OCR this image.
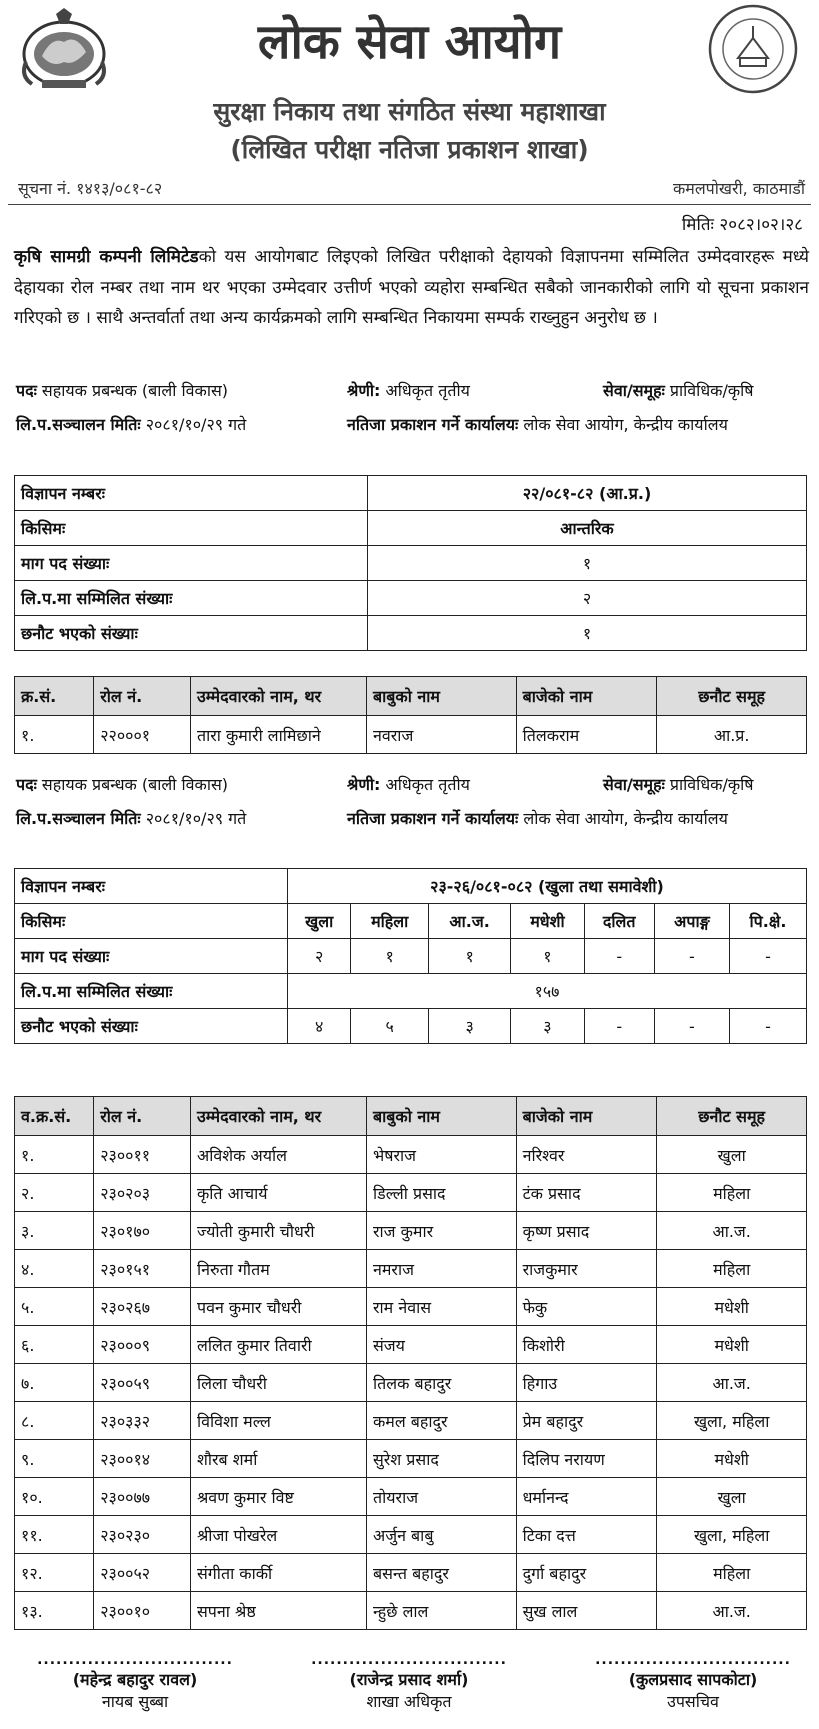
लोक सेवा आयोग
सुरक्षा निकाय तथा संगठित संस्था महाशाखा
(लिखित परीक्षा नतिजा प्रकाशन शाखा)
सूचना नं. १४१३/०८१-८२	कमलपोखरी, काठमाडौं
मितिः २०८२।०२।२८
कृषि सामग्री कम्पनी लिमिटेडको यस आयोगबाट लिइएको लिखित परीक्षाको देहायको विज्ञापनमा सम्मिलित उम्मेदवारहरू मध्ये देहायका रोल नम्बर तथा नाम थर भएका उम्मेदवार उत्तीर्ण भएको व्यहोरा सम्बन्धित सबैको जानकारीको लागि यो सूचना प्रकाशन गरिएको छ । साथै अन्तर्वार्ता तथा अन्य कार्यक्रमको लागि सम्बन्धित निकायमा सम्पर्क राख्नुहुन अनुरोध छ ।
पदः सहायक प्रबन्धक (बाली विकास)	श्रेणी: अधिकृत तृतीय	सेवा/समूहः प्राविधिक/कृषि
लि.प.सञ्चालन मितिः २०८१/१०/२९ गते	नतिजा प्रकाशन गर्ने कार्यालयः लोक सेवा आयोग, केन्द्रीय कार्यालय
विज्ञापन नम्बरः	२२/०८१-८२ (आ.प्र.)
किसिमः	आन्तरिक
माग पद संख्याः	१
लि.प.मा सम्मिलित संख्याः	२
छनौट भएको संख्याः	१
क्र.सं.	रोल नं.	उम्मेदवारको नाम, थर	बाबुको नाम	बाजेको नाम	छनौट समूह
१.	२२०००१	तारा कुमारी लामिछाने	नवराज	तिलकराम	आ.प्र.
पदः सहायक प्रबन्धक (बाली विकास)	श्रेणी: अधिकृत तृतीय	सेवा/समूहः प्राविधिक/कृषि
लि.प.सञ्चालन मितिः २०८१/१०/२९ गते	नतिजा प्रकाशन गर्ने कार्यालयः लोक सेवा आयोग, केन्द्रीय कार्यालय
विज्ञापन नम्बरः	२३-२६/०८१-०८२ (खुला तथा समावेशी)						
किसिमः	खुला	महिला	आ.ज.	मधेशी	दलित	अपाङ्ग	पि.क्षे.
माग पद संख्याः	२	१	१	१	-	-	-
लि.प.मा सम्मिलित संख्याः	१५७						
छनौट भएको संख्याः	४	५	३	३	-	-	-
व.क्र.सं.	रोल नं.	उम्मेदवारको नाम, थर	बाबुको नाम	बाजेको नाम	छनौट समूह
१.	२३००११	अविशेक अर्याल	भेषराज	नरिश्वर	खुला
२.	२३०२०३	कृति आचार्य	डिल्ली प्रसाद	टंक प्रसाद	महिला
३.	२३०१७०	ज्योती कुमारी चौधरी	राज कुमार	कृष्ण प्रसाद	आ.ज.
४.	२३०१५१	निरुता गौतम	नमराज	राजकुमार	महिला
५.	२३०२६७	पवन कुमार चौधरी	राम नेवास	फेकु	मधेशी
६.	२३०००९	ललित कुमार तिवारी	संजय	किशोरी	मधेशी
७.	२३००५९	लिला चौधरी	तिलक बहादुर	हिगाउ	आ.ज.
८.	२३०३३२	विविशा मल्ल	कमल बहादुर	प्रेम बहादुर	खुला, महिला
९.	२३००१४	शौरब शर्मा	सुरेश प्रसाद	दिलिप नरायण	मधेशी
१०.	२३००७७	श्रवण कुमार विष्ट	तोयराज	धर्मानन्द	खुला
११.	२३०२३०	श्रीजा पोखरेल	अर्जुन बाबु	टिका दत्त	खुला, महिला
१२.	२३००५२	संगीता कार्की	बसन्त बहादुर	दुर्गा बहादुर	महिला
१३.	२३००१०	सपना श्रेष्ठ	न्हुछे लाल	सुख लाल	आ.ज.
...............................
(महेन्द्र बहादुर रावल)
नायब सुब्बा
...............................
(राजेन्द्र प्रसाद शर्मा)
शाखा अधिकृत
...............................
(कुलप्रसाद सापकोटा)
उपसचिव
